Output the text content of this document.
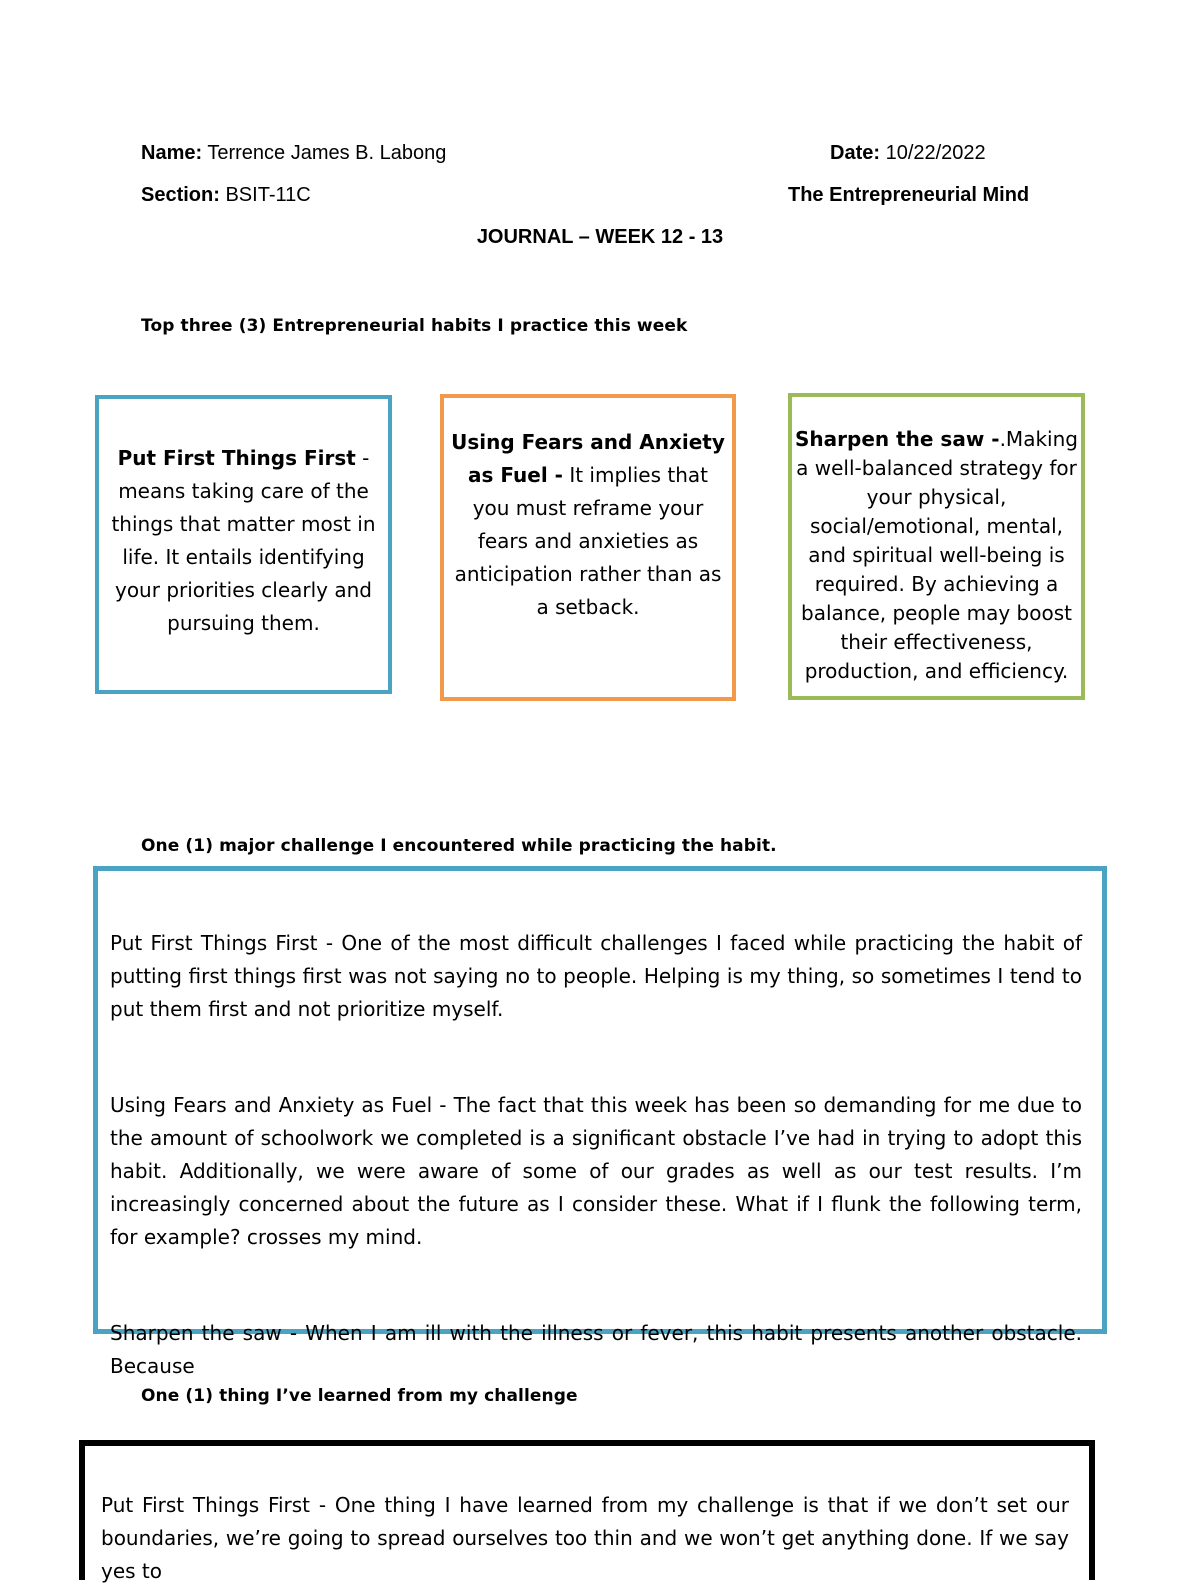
Name: Terrence James B. Labong	Date: 10/22/2022
Section: BSIT-11C	The Entrepreneurial Mind
JOURNAL – WEEK 12 - 13
Top three (3) Entrepreneurial habits I practice this week
Put First Things First - means taking care of the things that matter most in life. It entails identifying your priorities clearly and pursuing them.
Using Fears and Anxiety as Fuel - It implies that you must reframe your fears and anxieties as anticipation rather than as a setback.
Sharpen the saw -.Making a well-balanced strategy for your physical, social/emotional, mental, and spiritual well-being is required. By achieving a balance, people may boost their effectiveness, production, and efficiency.
One (1) major challenge I encountered while practicing the habit.

Put First Things First - One of the most difficult challenges I faced while practicing the habit of putting first things first was not saying no to people. Helping is my thing, so sometimes I tend to put them first and not prioritize myself.

Using Fears and Anxiety as Fuel - The fact that this week has been so demanding for me due to the amount of schoolwork we completed is a significant obstacle I’ve had in trying to adopt this habit. Additionally, we were aware of some of our grades as well as our test results. I’m increasingly concerned about the future as I consider these. What if I flunk the following term, for example? crosses my mind.

Sharpen the saw - When I am ill with the illness or fever, this habit presents another obstacle. Because

One (1) thing I’ve learned from my challenge

Put First Things First - One thing I have learned from my challenge is that if we don’t set our boundaries, we’re going to spread ourselves too thin and we won’t get anything done. If we say yes to
